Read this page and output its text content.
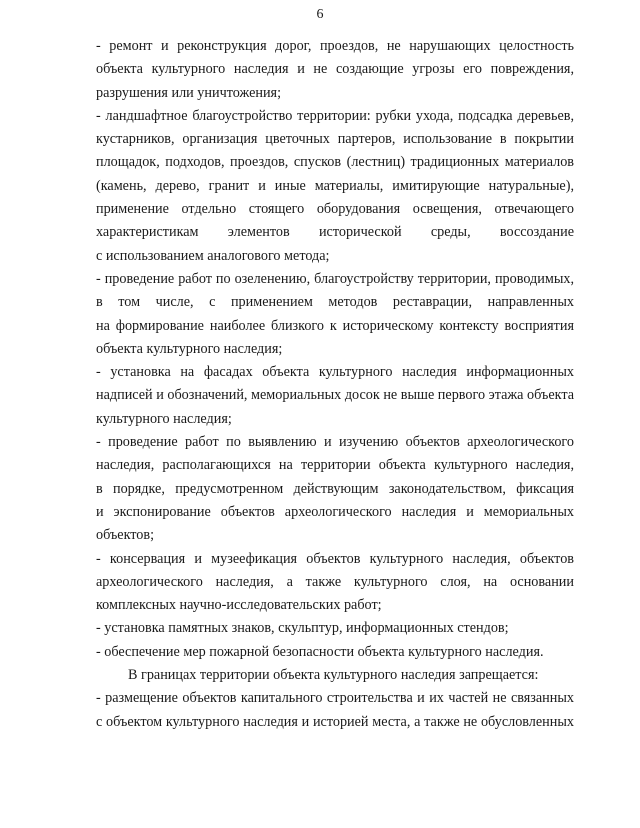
6
- ремонт и реконструкция дорог, проездов, не нарушающих целостность
объекта культурного наследия и не создающие угрозы его повреждения,
разрушения или уничтожения;
- ландшафтное благоустройство территории: рубки ухода, подсадка деревьев,
кустарников, организация цветочных партеров, использование в покрытии
площадок, подходов, проездов, спусков (лестниц) традиционных материалов
(камень, дерево, гранит и иные материалы, имитирующие натуральные),
применение отдельно стоящего оборудования освещения, отвечающего
характеристикам элементов исторической среды, воссоздание
с использованием аналогового метода;
- проведение работ по озеленению, благоустройству территории, проводимых,
в том числе, с применением методов реставрации, направленных
на формирование наиболее близкого к историческому контексту восприятия
объекта культурного наследия;
- установка на фасадах объекта культурного наследия информационных
надписей и обозначений, мемориальных досок не выше первого этажа объекта
культурного наследия;
- проведение работ по выявлению и изучению объектов археологического
наследия, располагающихся на территории объекта культурного наследия,
в порядке, предусмотренном действующим законодательством, фиксация
и экспонирование объектов археологического наследия и мемориальных
объектов;
- консервация и музеефикация объектов культурного наследия, объектов
археологического наследия, а также культурного слоя, на основании
комплексных научно-исследовательских работ;
- установка памятных знаков, скульптур, информационных стендов;
- обеспечение мер пожарной безопасности объекта культурного наследия.
В границах территории объекта культурного наследия запрещается:
- размещение объектов капитального строительства и их частей не связанных
с объектом культурного наследия и историей места, а также не обусловленных
